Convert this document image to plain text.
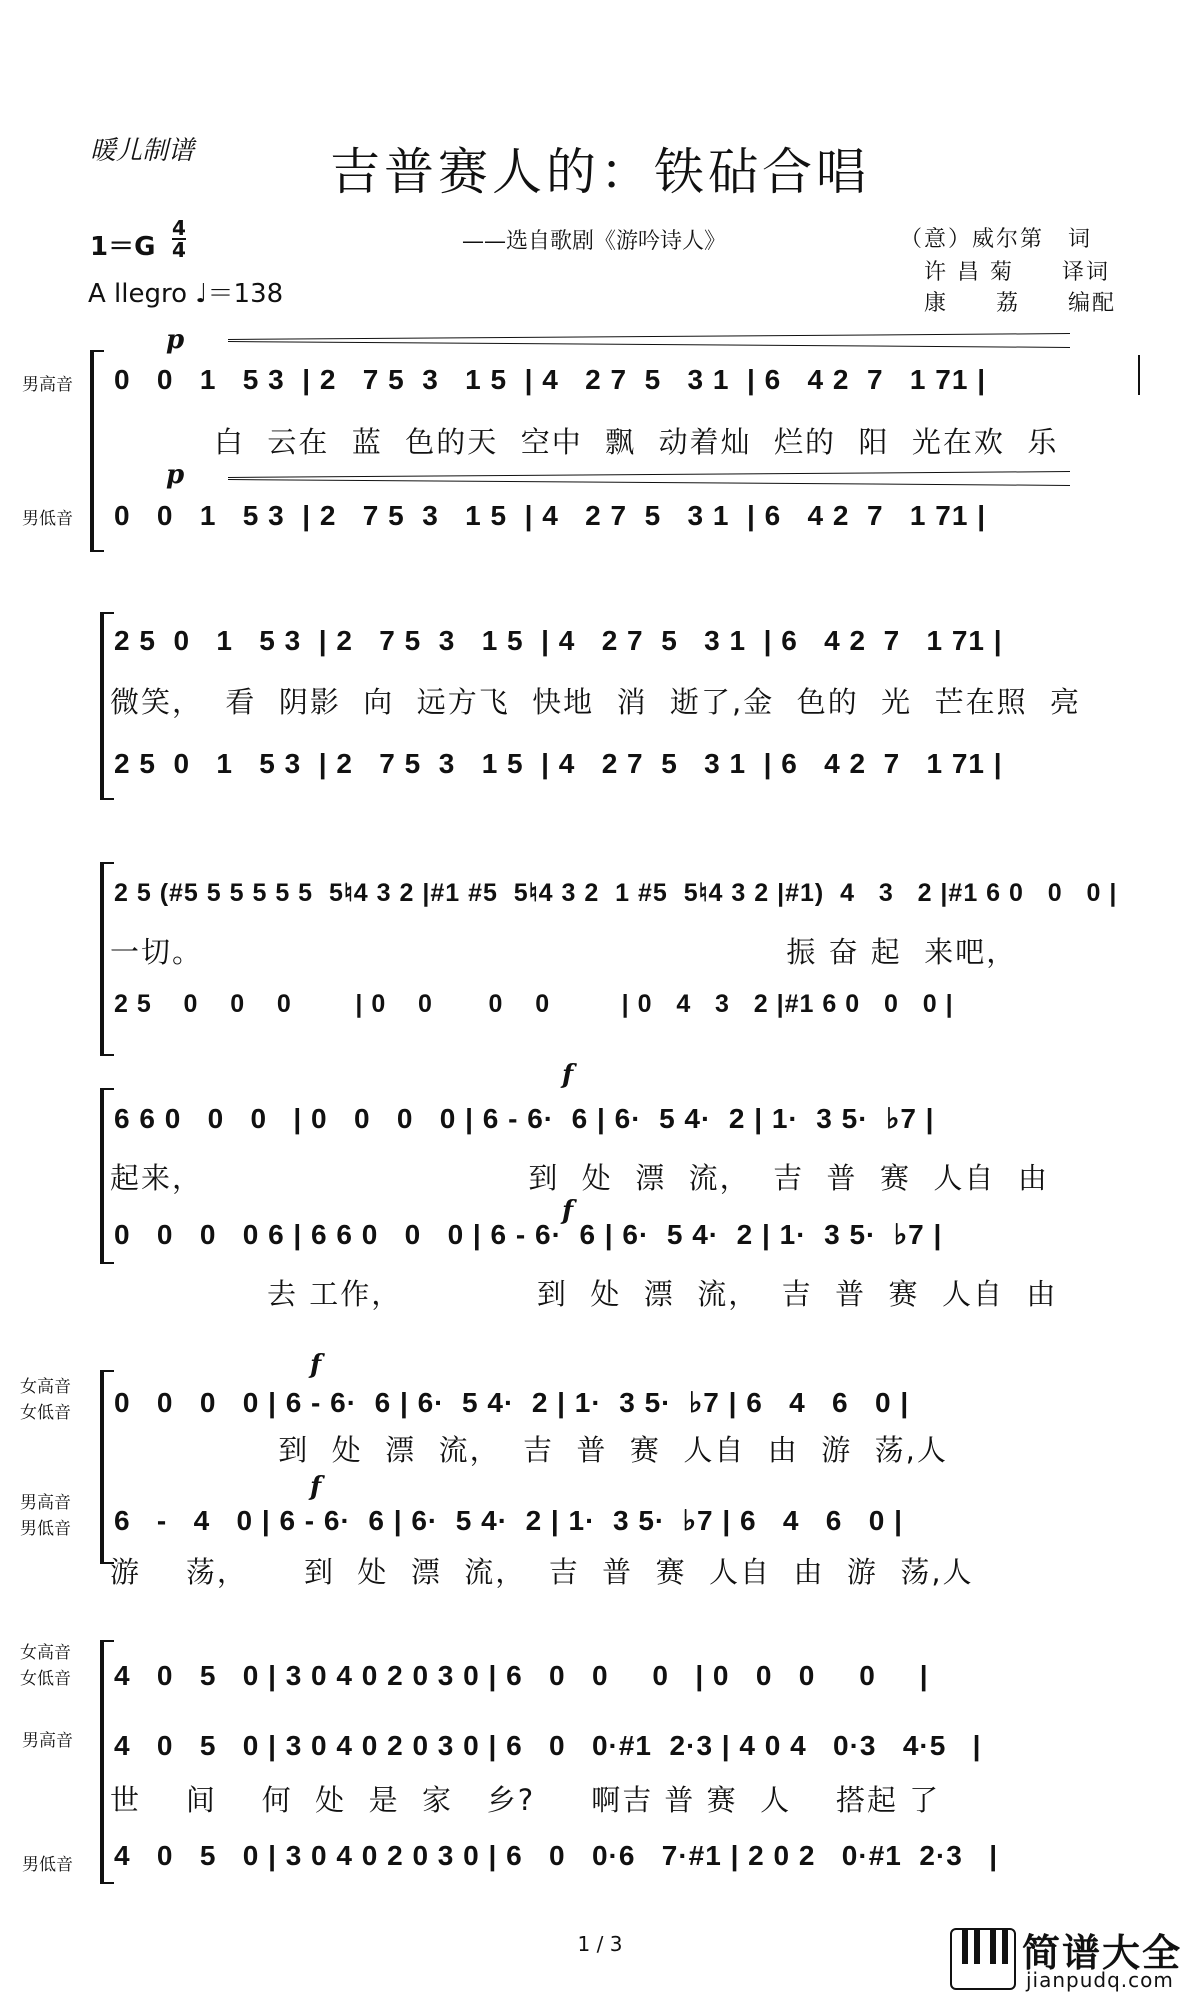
暖儿制谱	吉普赛人的：铁砧合唱
1＝G
4
4
A llegro ♩＝138
——选自歌剧《游吟诗人》	（意）威尔第　词
许 昌 菊　　译词
康　　荔　　编配
男高音
p
0   0   1   5 3  | 2   7 5  3   1 5  | 4   2 7  5   3 1  | 6   4 2  7   1 71 |
白  云在  蓝  色的天  空中  飘  动着灿  烂的  阳  光在欢  乐
男低音
p
0   0   1   5 3  | 2   7 5  3   1 5  | 4   2 7  5   3 1  | 6   4 2  7   1 71 |
2 5  0   1   5 3  | 2   7 5  3   1 5  | 4   2 7  5   3 1  | 6   4 2  7   1 71 |
微笑，  看  阴影  向  远方飞  快地  消  逝了,金  色的  光  芒在照  亮
2 5  0   1   5 3  | 2   7 5  3   1 5  | 4   2 7  5   3 1  | 6   4 2  7   1 71 |
2 5 (#5 5 5 5 5 5  5♮4 3 2 |#1 #5  5♮4 3 2  1 #5  5♮4 3 2 |#1)  4   3   2 |#1 6 0   0   0 |
一切。                                                    振 奋 起  来吧，
2 5    0    0    0        | 0    0       0    0         | 0   4   3   2 |#1 6 0   0   0 |
f
6 6 0   0   0   | 0   0   0   0 | 6 - 6·  6 | 6·  5 4·  2 | 1·  3 5·  ♭7 |
起来，                             到  处  漂  流，  吉  普  赛  人自  由
f
0   0   0   0 6 | 6 6 0   0   0 | 6 - 6·  6 | 6·  5 4·  2 | 1·  3 5·  ♭7 |
去 工作，            到  处  漂  流，  吉  普  赛  人自  由
女高音
女低音
f
0   0   0   0 | 6 - 6·  6 | 6·  5 4·  2 | 1·  3 5·  ♭7 | 6   4   6   0 |
到  处  漂  流，  吉  普  赛  人自  由  游  荡,人
男高音
男低音
f
6   -   4   0 | 6 - 6·  6 | 6·  5 4·  2 | 1·  3 5·  ♭7 | 6   4   6   0 |
游    荡，     到  处  漂  流，  吉  普  赛  人自  由  游  荡,人
女高音
女低音 4   0   5   0 | 3 0 4 0 2 0 3 0 | 6   0   0     0   | 0   0   0     0     |
男高音 4   0   5   0 | 3 0 4 0 2 0 3 0 | 6   0   0·#1  2·3 | 4 0 4   0·3   4·5   |
世    间    何  处  是  家   乡?     啊吉 普 赛  人    搭起 了
男低音 4   0   5   0 | 3 0 4 0 2 0 3 0 | 6   0   0·6   7·#1 | 2 0 2   0·#1  2·3   |
1 / 3	简谱大全
jianpudq.com
